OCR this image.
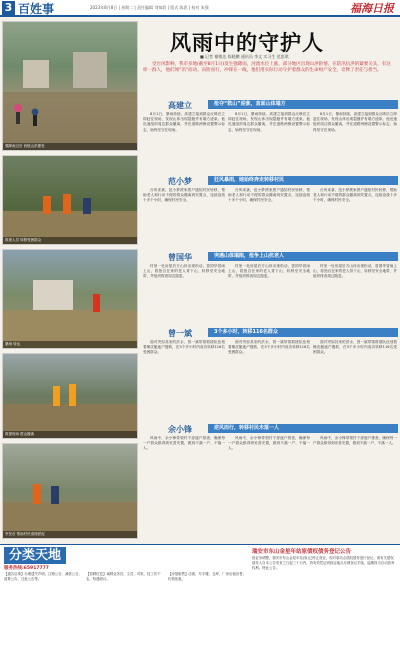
3 百姓事	2023年8月8日 | 星期二 | 责任编辑 刘知韵 | 版式 陈思 | 校对 朱强	福海日报
强降雨过后 西陵山洪暴发
救援人员 转移受困群众
暴雨 转运
救援现场 群众撤离
突发后 帮助村民清理淤泥
风雨中的守护人
■ 记者 谢敏达 陈晓鹏 通讯员 李文 实习生 范思琪
受台风影响，我市多地(截至8月1日)发生强降雨，河流水位上涨，部分地区出现山洪险情。在防汛抗洪的紧要关头，有这样一群人，他们闻“汛”而动、向险而行，冲锋在一线，他们用实际行动守护着群众的生命财产安全，诠释了责任与担当。
高建立	抢夺“救山”迎象，直面山体塌方

8月1日，暴雨持续，高建立接到群众反映后立即赶往现场，发现山体出现裂缝并有塌方迹象。他迅速组织周边群众撤离，并在道路两侧设置警示标志，始终坚守在现场。

8月1日，暴雨持续，高建立接到群众反映后立即赶往现场，发现山体出现裂缝并有塌方迹象。他迅速组织周边群众撤离，并在道路两侧设置警示标志，始终坚守在现场。

8月1日，暴雨持续，高建立接到群众反映后立即赶往现场，发现山体出现裂缝并有塌方迹象。他迅速组织周边群众撤离，并在道路两侧设置警示标志，始终坚守在现场。

范小梦	狂风暴雨，她始终奔走转移村民

台风来袭，范小梦挨家挨户通知村民转移，帮助老人和行动不便的群众撤离到安置点，连续奋战十多个小时，确保村民安全。

台风来袭，范小梦挨家挨户通知村民转移，帮助老人和行动不便的群众撤离到安置点，连续奋战十多个小时，确保村民安全。

台风来袭，范小梦挨家挨户通知村民转移，帮助老人和行动不便的群众撤离到安置点，连续奋战十多个小时，确保村民安全。

曾国华	突遇山体塌陷，抢争上山抗老人

村里一处房屋后方山体出现松动，曾国华冒雨上山，将独自在家的老人背下山，转移至安全地带，并组织排查周边隐患。

村里一处房屋后方山体出现松动，曾国华冒雨上山，将独自在家的老人背下山，转移至安全地带，并组织排查周边隐患。

村里一处房屋后方山体出现松动，曾国华冒雨上山，将独自在家的老人背下山，转移至安全地带，并组织排查周边隐患。

曾一斌	3个多小时，转移116名群众

面对突如其来的洪水，曾一斌带领救援队伍划着橡皮艇逐户搜救，在3个多小时内成功转移116名受困群众。

面对突如其来的洪水，曾一斌带领救援队伍划着橡皮艇逐户搜救，在3个多小时内成功转移116名受困群众。

面对突如其来的洪水，曾一斌带领救援队伍划着橡皮艇逐户搜救，在3个多小时内成功转移116名受困群众。

余小锋	逆风而行，转移村民未落一人

风雨中，余小锋带领村干部逐户排查，确保每一户群众都得到妥善安置，做到不漏一户、不落一人。

风雨中，余小锋带领村干部逐户排查，确保每一户群众都得到妥善安置，做到不漏一户、不落一人。

风雨中，余小锋带领村干部逐户排查，确保每一户群众都得到妥善安置，做到不漏一户、不落一人。

分类天地
服务热线:65917777
【通告启事】办理遗失声明、注销公告、减资公告、清算公告、迁址公告等。
【招聘信息】诚聘业务员、文员、司机、技工若干名，待遇面议。
【房屋租售】店面、写字楼、仓库、厂房出租出售，价格优惠。
瑞安市东山金星年站原债权债务登记公告
因业务调整，瑞安市东山金星年站(原)已停止营业，现对原站点债权债务进行登记。请有关债权债务人自本公告发布之日起三十日内，持有效凭证到指定地点办理登记手续，逾期视为自动放弃权利。特此公告。
